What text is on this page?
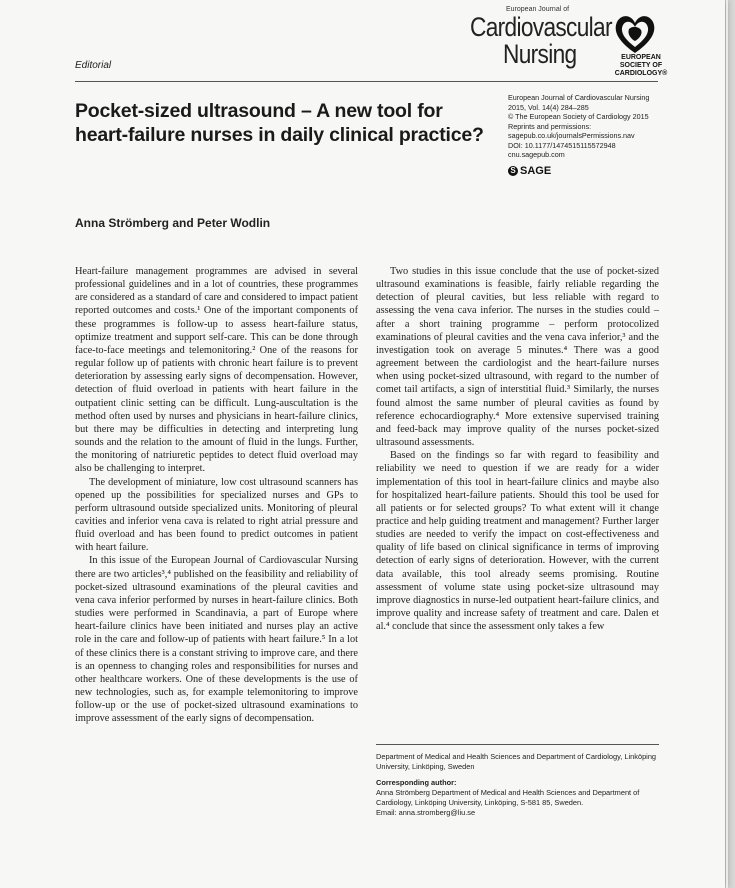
European Journal of
Cardiovascular
Nursing	EUROPEAN
SOCIETY OF
CARDIOLOGY®
Editorial
Pocket-sized ultrasound – A new tool for heart-failure nurses in daily clinical practice?
European Journal of Cardiovascular Nursing
2015, Vol. 14(4) 284–285
© The European Society of Cardiology 2015
Reprints and permissions:
sagepub.co.uk/journalsPermissions.nav
DOI: 10.1177/1474515115572948
cnu.sagepub.com
S SAGE
Anna Strömberg and Peter Wodlin

Heart-failure management programmes are advised in several professional guidelines and in a lot of countries, these programmes are considered as a standard of care and considered to impact patient reported outcomes and costs.¹ One of the important components of these programmes is follow-up to assess heart-failure status, optimize treatment and support self-care. This can be done through face-to-face meetings and telemonitoring.² One of the reasons for regular follow up of patients with chronic heart failure is to prevent deterioration by assessing early signs of decompensation. However, detection of fluid overload in patients with heart failure in the outpatient clinic setting can be difficult. Lung-auscultation is the method often used by nurses and physicians in heart-failure clinics, but there may be difficulties in detecting and interpreting lung sounds and the relation to the amount of fluid in the lungs. Further, the monitoring of natriuretic peptides to detect fluid overload may also be challenging to interpret.

The development of miniature, low cost ultrasound scanners has opened up the possibilities for specialized nurses and GPs to perform ultrasound outside specialized units. Monitoring of pleural cavities and inferior vena cava is related to right atrial pressure and fluid overload and has been found to predict outcomes in patient with heart failure.

In this issue of the European Journal of Cardiovascular Nursing there are two articles³,⁴ published on the feasibility and reliability of pocket-sized ultrasound examinations of the pleural cavities and vena cava inferior performed by nurses in heart-failure clinics. Both studies were performed in Scandinavia, a part of Europe where heart-failure clinics have been initiated and nurses play an active role in the care and follow-up of patients with heart failure.⁵ In a lot of these clinics there is a constant striving to improve care, and there is an openness to changing roles and responsibilities for nurses and other healthcare workers. One of these developments is the use of new technologies, such as, for example telemonitoring to improve follow-up or the use of pocket-sized ultrasound examinations to improve assessment of the early signs of decompensation.

Two studies in this issue conclude that the use of pocket-sized ultrasound examinations is feasible, fairly reliable regarding the detection of pleural cavities, but less reliable with regard to assessing the vena cava inferior. The nurses in the studies could – after a short training programme – perform protocolized examinations of pleural cavities and the vena cava inferior,³ and the investigation took on average 5 minutes.⁴ There was a good agreement between the cardiologist and the heart-failure nurses when using pocket-sized ultrasound, with regard to the number of comet tail artifacts, a sign of interstitial fluid.³ Similarly, the nurses found almost the same number of pleural cavities as found by reference echocardiography.⁴ More extensive supervised training and feed-back may improve quality of the nurses pocket-sized ultrasound assessments.

Based on the findings so far with regard to feasibility and reliability we need to question if we are ready for a wider implementation of this tool in heart-failure clinics and maybe also for hospitalized heart-failure patients. Should this tool be used for all patients or for selected groups? To what extent will it change practice and help guiding treatment and management? Further larger studies are needed to verify the impact on cost-effectiveness and quality of life based on clinical significance in terms of improving detection of early signs of deterioration. However, with the current data available, this tool already seems promising. Routine assessment of volume state using pocket-size ultrasound may improve diagnostics in nurse-led outpatient heart-failure clinics, and improve quality and increase safety of treatment and care. Dalen et al.⁴ conclude that since the assessment only takes a few

Department of Medical and Health Sciences and Department of Cardiology, Linköping University, Linköping, Sweden

Corresponding author:

Anna Strömberg Department of Medical and Health Sciences and Department of Cardiology, Linköping University, Linköping, S-581 85, Sweden.

Email: anna.stromberg@liu.se
